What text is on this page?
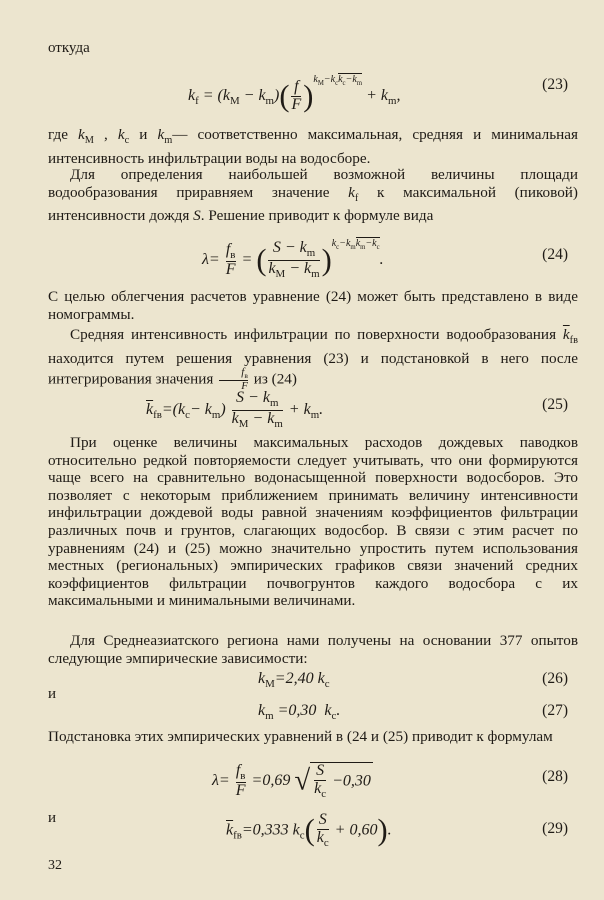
откуда
$k_f = (k_М - k_m)( \frac{f}{F} )k_М-k_ck_c-k_m + k_m$,
(23)
где $k_М$ , $k_с$ и $k_m—$ соответственно максимальная, средняя и минимальная интенсивность инфильтрации воды на водосборе.
Для определения наибольшей возможной величины площади водообразования приравняем значение $k_f$ к максимальной (пиковой) интенсивности дождя S. Решение приводит к формуле вида
$\lambda= \frac{f_в}{F}$ = ( $\frac{S - k_m}{k_М - k_m} )k_c-k_mk_m-k_c$.	(24)
С целью облегчения расчетов уравнение (24) может быть представлено в виде номограммы.
Средняя интенсивность инфильтрации по поверхности водообразования $\overline{k}_{fв}$ находится путем решения уравнения (23) и подстановкой в него после интегрирования значения $\frac{f_в}{F}$ из (24)
$\overline{k}_{fв}=(k_c- k_m) \frac{S - k_m}{k_М - k_m} + k_m$.	(25)
При оценке величины максимальных расходов дождевых паводков относительно редкой повторяемости следует учитывать, что они формируются чаще всего на сравнительно водонасыщенной поверхности водосборов. Это позволяет с некоторым приближением принимать величину интенсивности инфильтрации дождевой воды равной значениям коэффициентов фильтрации различных почв и грунтов, слагающих водосбор. В связи с этим расчет по уравнениям (24) и (25) можно значительно упростить путем использования местных (региональных) эмпирических графиков связи значений средних коэффициентов фильтрации почвогрунтов каждого водосбора с их максимальными и минимальными величинами.
Для Среднеазиатского региона нами получены на основании 377 опытов следующие эмпирические зависимости:
$k_М=2,40$ $k_c$	(26)
и
$k_m =0,30$  $k_c$.	(27)
Подстановка этих эмпирических уравнений в (24 и (25) приводит к формулам
$\lambda= \frac{f_в}{F} =0,69$ √ $\frac{S}{k_c} -0,30$	(28)
и
$\overline{k}_{fв}=0,333$ $k_c( \frac{S}{k_c} + 0,60)$.	(29)
32
